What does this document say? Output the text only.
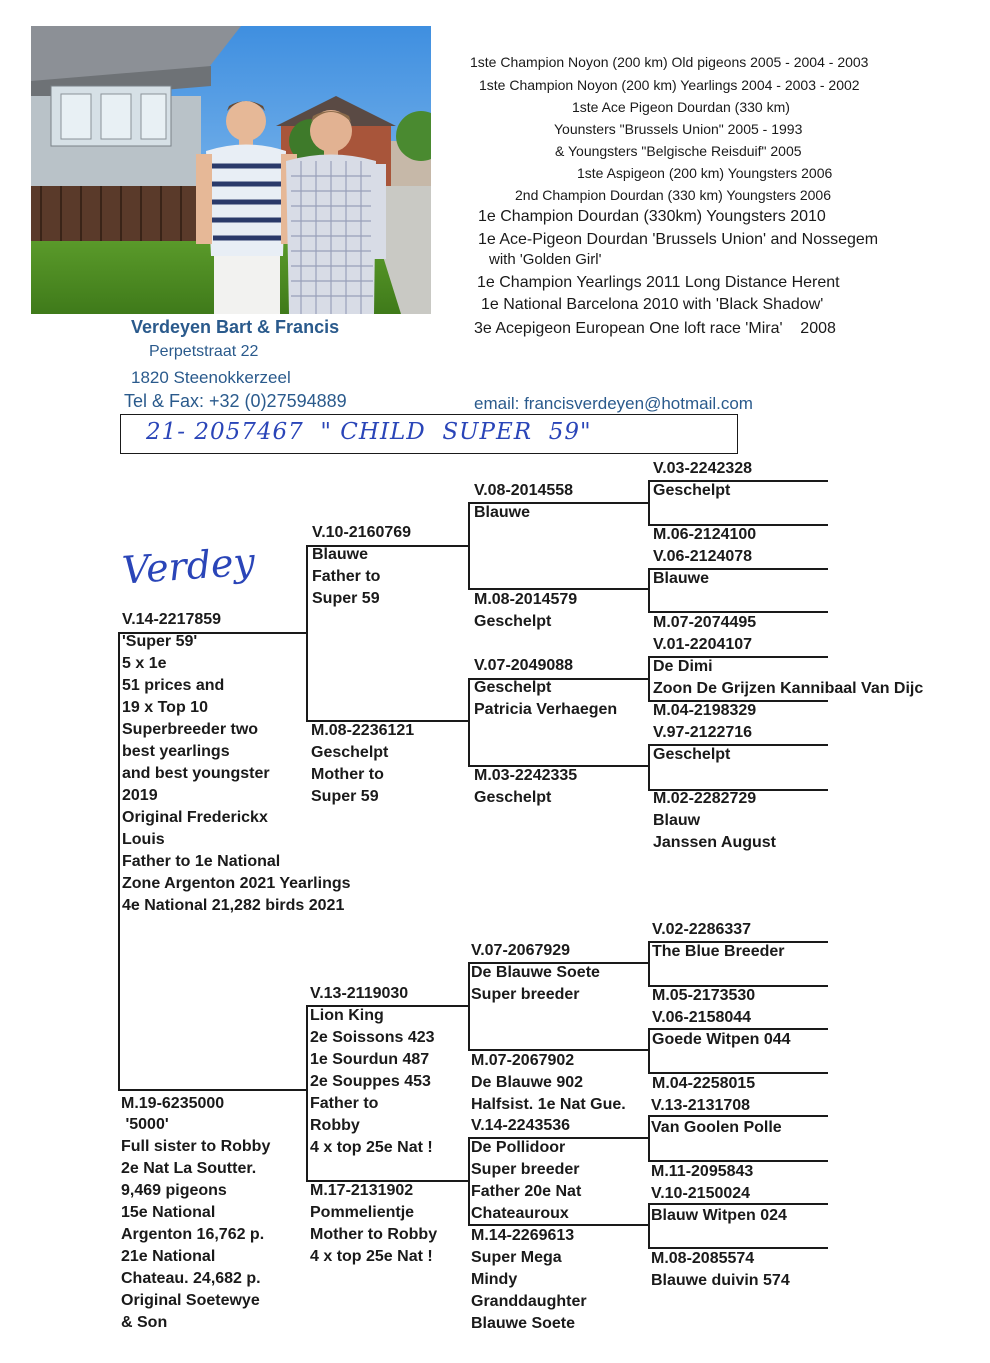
1ste Champion Noyon (200 km) Old pigeons 2005 - 2004 - 2003
1ste Champion Noyon (200 km) Yearlings 2004 - 2003 - 2002
1ste Ace Pigeon Dourdan (330 km)
Younsters "Brussels Union" 2005 - 1993
& Youngsters "Belgische Reisduif" 2005
1ste Aspigeon (200 km) Youngsters 2006
2nd Champion Dourdan (330 km) Youngsters 2006
1e Champion Dourdan (330km) Youngsters 2010
1e Ace-Pigeon Dourdan 'Brussels Union' and Nossegem
with 'Golden Girl'
1e Champion Yearlings 2011 Long Distance Herent
1e National Barcelona 2010 with 'Black Shadow'
3e Acepigeon European One loft race 'Mira'    2008
Verdeyen Bart & Francis
Perpetstraat 22
1820 Steenokkerzeel
Tel & Fax: +32 (0)27594889	email: francisverdeyen@hotmail.com
21- 2057467  " CHILD  SUPER  59"
Verdey
V.14-2217859
'Super 59'
5 x 1e
51 prices and
19 x Top 10
Superbreeder two
best yearlings
and best youngster
2019
Original Frederickx
Louis
Father to 1e National
Zone Argenton 2021 Yearlings
4e National 21,282 birds 2021
M.19-6235000
'5000'
Full sister to Robby
2e Nat La Soutter.
9,469 pigeons
15e National
Argenton 16,762 p.
21e National
Chateau. 24,682 p.
Original Soetewye
& Son
V.10-2160769
Blauwe
Father to
Super 59
M.08-2236121
Geschelpt
Mother to
Super 59
V.13-2119030
Lion King
2e Soissons 423
1e Sourdun 487
2e Souppes 453
Father to
Robby
4 x top 25e Nat !
M.17-2131902
Pommelientje
Mother to Robby
4 x top 25e Nat !
V.08-2014558
Blauwe
M.08-2014579
Geschelpt
V.07-2049088
Geschelpt
Patricia Verhaegen
M.03-2242335
Geschelpt
V.07-2067929
De Blauwe Soete
Super breeder
M.07-2067902
De Blauwe 902
Halfsist. 1e Nat Gue.
V.14-2243536
De Pollidoor
Super breeder
Father 20e Nat
Chateauroux
M.14-2269613
Super Mega
Mindy
Granddaughter
Blauwe Soete
V.03-2242328
Geschelpt
M.06-2124100
V.06-2124078
Blauwe
M.07-2074495
V.01-2204107
De Dimi
Zoon De Grijzen Kannibaal Van Dijc
M.04-2198329
V.97-2122716
Geschelpt
M.02-2282729
Blauw
Janssen August
V.02-2286337
The Blue Breeder
M.05-2173530
V.06-2158044
Goede Witpen 044
M.04-2258015
V.13-2131708
Van Goolen Polle
M.11-2095843
V.10-2150024
Blauw Witpen 024
M.08-2085574
Blauwe duivin 574
